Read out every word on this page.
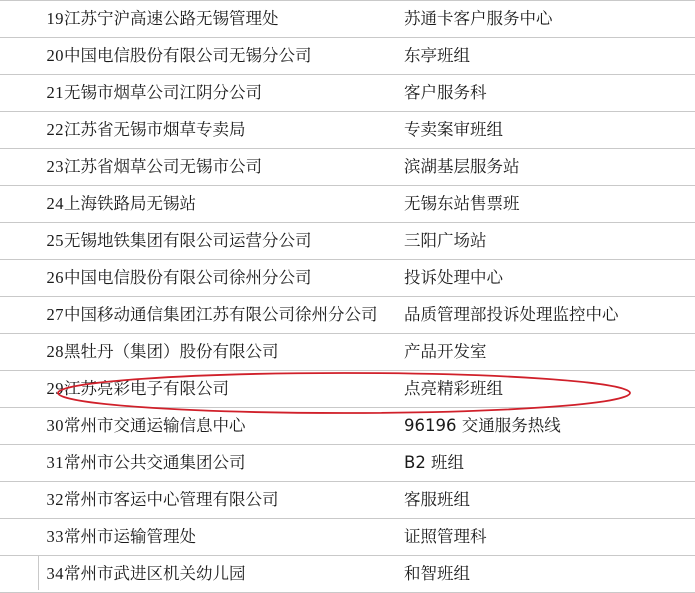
19	江苏宁沪高速公路无锡管理处	苏通卡客户服务中心
20	中国电信股份有限公司无锡分公司	东亭班组
21	无锡市烟草公司江阴分公司	客户服务科
22	江苏省无锡市烟草专卖局	专卖案审班组
23	江苏省烟草公司无锡市公司	滨湖基层服务站
24	上海铁路局无锡站	无锡东站售票班
25	无锡地铁集团有限公司运营分公司	三阳广场站
26	中国电信股份有限公司徐州分公司	投诉处理中心
27	中国移动通信集团江苏有限公司徐州分公司	品质管理部投诉处理监控中心
28	黑牡丹（集团）股份有限公司	产品开发室
29	江苏亮彩电子有限公司	点亮精彩班组
30	常州市交通运输信息中心	96196 交通服务热线
31	常州市公共交通集团公司	B2 班组
32	常州市客运中心管理有限公司	客服班组
33	常州市运输管理处	证照管理科
34	常州市武进区机关幼儿园	和智班组
